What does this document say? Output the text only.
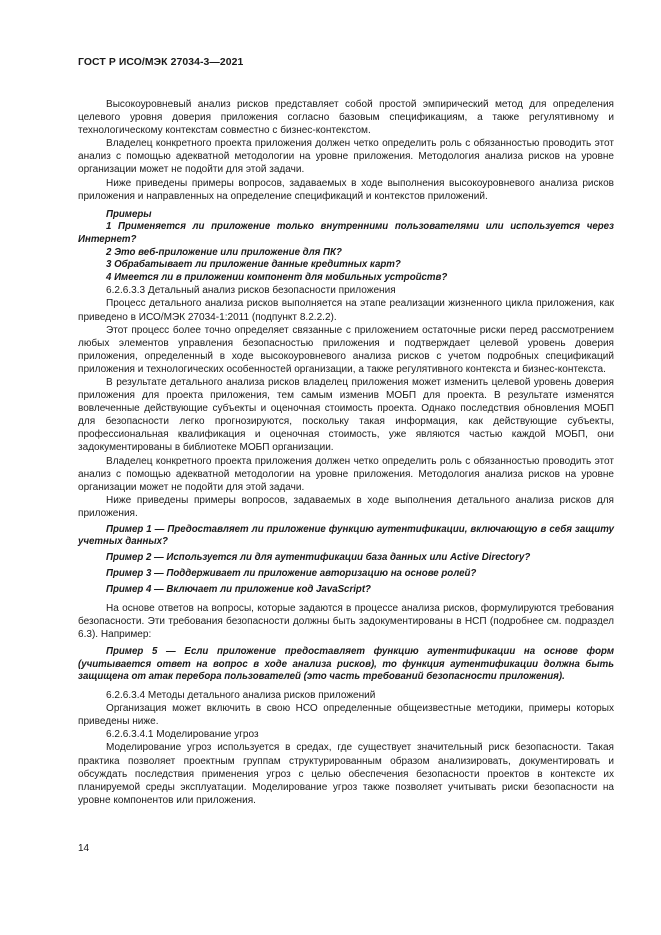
ГОСТ Р ИСО/МЭК 27034-3—2021

Высокоуровневый анализ рисков представляет собой простой эмпирический метод для определения целевого уровня доверия приложения согласно базовым спецификациям, а также регулятивному и технологическому контекстам совместно с бизнес-контекстом.

Владелец конкретного проекта приложения должен четко определить роль с обязанностью проводить этот анализ с помощью адекватной методологии на уровне приложения. Методология анализа рисков на уровне организации может не подойти для этой задачи.

Ниже приведены примеры вопросов, задаваемых в ходе выполнения высокоуровневого анализа рисков приложения и направленных на определение спецификаций и контекстов приложений.

Примеры

1 Применяется ли приложение только внутренними пользователями или используется через Интернет?

2 Это веб-приложение или приложение для ПК?

3 Обрабатывает ли приложение данные кредитных карт?

4 Имеется ли в приложении компонент для мобильных устройств?

6.2.6.3.3 Детальный анализ рисков безопасности приложения

Процесс детального анализа рисков выполняется на этапе реализации жизненного цикла приложения, как приведено в ИСО/МЭК 27034-1:2011 (подпункт 8.2.2.2).

Этот процесс более точно определяет связанные с приложением остаточные риски перед рассмотрением любых элементов управления безопасностью приложения и подтверждает целевой уровень доверия приложения, определенный в ходе высокоуровневого анализа рисков с учетом подробных спецификаций приложения и технологических особенностей организации, а также регулятивного контекста и бизнес-контекста.

В результате детального анализа рисков владелец приложения может изменить целевой уровень доверия приложения для проекта приложения, тем самым изменив МОБП для проекта. В результате изменятся вовлеченные действующие субъекты и оценочная стоимость проекта. Однако последствия обновления МОБП для безопасности легко прогнозируются, поскольку такая информация, как действующие субъекты, профессиональная квалификация и оценочная стоимость, уже являются частью каждой МОБП, они задокументированы в библиотеке МОБП организации.

Владелец конкретного проекта приложения должен четко определить роль с обязанностью проводить этот анализ с помощью адекватной методологии на уровне приложения. Методология анализа рисков на уровне организации может не подойти для этой задачи.

Ниже приведены примеры вопросов, задаваемых в ходе выполнения детального анализа рисков для приложения.

Пример 1 — Предоставляет ли приложение функцию аутентификации, включающую в себя защиту учетных данных?

Пример 2 — Используется ли для аутентификации база данных или Active Directory?

Пример 3 — Поддерживает ли приложение авторизацию на основе ролей?

Пример 4 — Включает ли приложение код JavaScript?

На основе ответов на вопросы, которые задаются в процессе анализа рисков, формулируются требования безопасности. Эти требования безопасности должны быть задокументированы в НСП (подробнее см. подраздел 6.3). Например:

Пример 5 — Если приложение предоставляет функцию аутентификации на основе форм (учитывается ответ на вопрос в ходе анализа рисков), то функция аутентификации должна быть защищена от атак перебора пользователей (это часть требований безопасности приложения).

6.2.6.3.4 Методы детального анализа рисков приложений

Организация может включить в свою НСО определенные общеизвестные методики, примеры которых приведены ниже.

6.2.6.3.4.1 Моделирование угроз

Моделирование угроз используется в средах, где существует значительный риск безопасности. Такая практика позволяет проектным группам структурированным образом анализировать, документировать и обсуждать последствия применения угроз с целью обеспечения безопасности проектов в контексте их планируемой среды эксплуатации. Моделирование угроз также позволяет учитывать риски безопасности на уровне компонентов или приложения.

14
